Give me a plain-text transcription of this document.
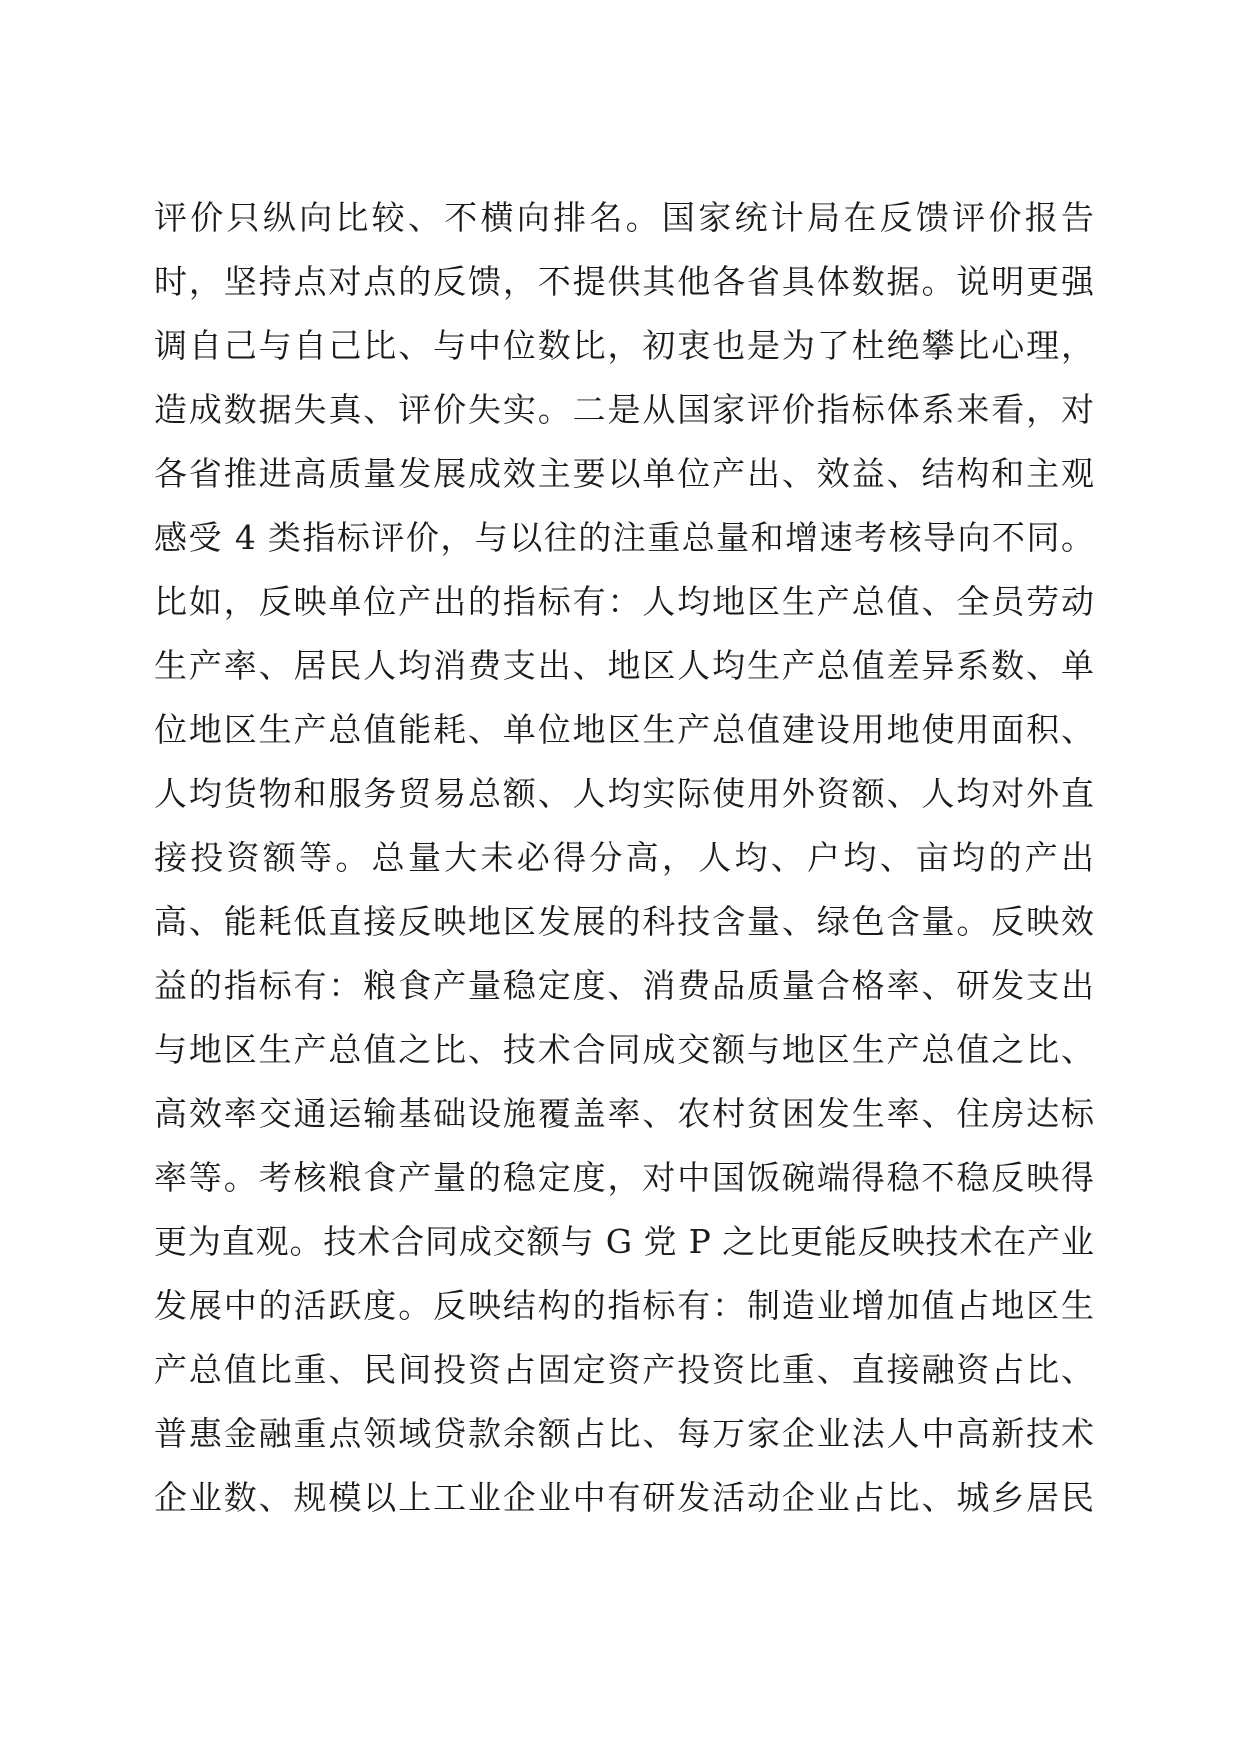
评价只纵向比较、不横向排名。国家统计局在反馈评价报告
时，坚持点对点的反馈，不提供其他各省具体数据。说明更强
调自己与自己比、与中位数比，初衷也是为了杜绝攀比心理，
造成数据失真、评价失实。二是从国家评价指标体系来看，对
各省推进高质量发展成效主要以单位产出、效益、结构和主观
感受 4 类指标评价，与以往的注重总量和增速考核导向不同。
比如，反映单位产出的指标有：人均地区生产总值、全员劳动
生产率、居民人均消费支出、地区人均生产总值差异系数、单
位地区生产总值能耗、单位地区生产总值建设用地使用面积、
人均货物和服务贸易总额、人均实际使用外资额、人均对外直
接投资额等。总量大未必得分高，人均、户均、亩均的产出
高、能耗低直接反映地区发展的科技含量、绿色含量。反映效
益的指标有：粮食产量稳定度、消费品质量合格率、研发支出
与地区生产总值之比、技术合同成交额与地区生产总值之比、
高效率交通运输基础设施覆盖率、农村贫困发生率、住房达标
率等。考核粮食产量的稳定度，对中国饭碗端得稳不稳反映得
更为直观。技术合同成交额与 G 党 P 之比更能反映技术在产业
发展中的活跃度。反映结构的指标有：制造业增加值占地区生
产总值比重、民间投资占固定资产投资比重、直接融资占比、
普惠金融重点领域贷款余额占比、每万家企业法人中高新技术
企业数、规模以上工业企业中有研发活动企业占比、城乡居民
